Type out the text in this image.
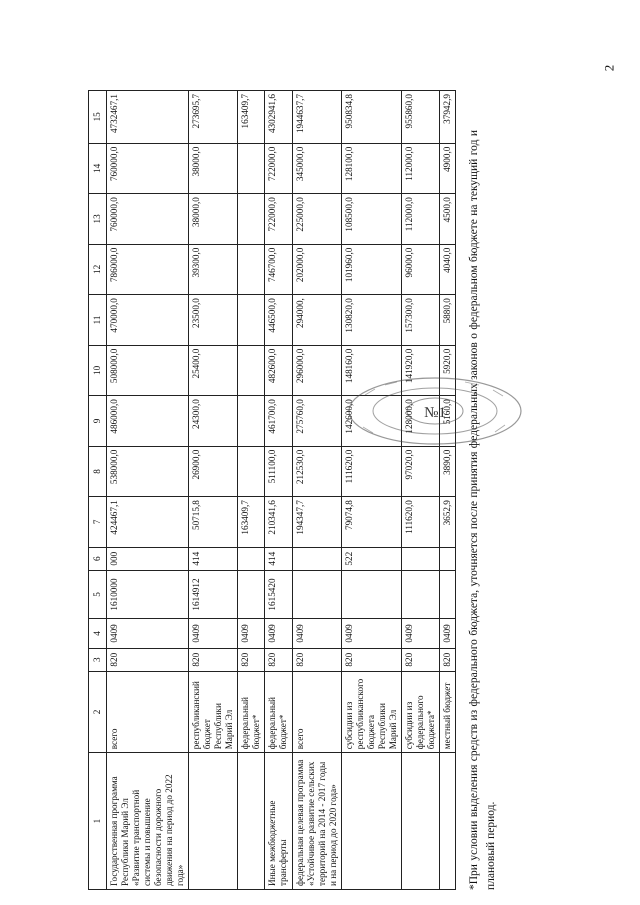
2
1	2	3	4	5	6	7	8	9	10	11	12	13	14	15
Государственная программа Республики Марий Эл «Развитие транспортной системы и повышение безопасности дорожного движения на период до 2022 года»	всего	820	0409	1610000	000	424467,1	538000,0	486000,0	508000,0	470000,0	786000,0	760000,0	760000,0	4732467,1
	республиканский бюджет Республики Марий Эл	820	0409	1614912	414	50715,8	26900,0	24300,0	25400,0	23500,0	39300,0	38000,0	38000,0	273695,7
	федеральный бюджет*	820	0409			163409,7								163409,7
Иные межбюджетные трансферты	федеральный бюджет*	820	0409	1615420	414	210341,6	511100,0	461700,0	482600,0	446500,0	746700,0	722000,0	722000,0	4302941,6
федеральная целевая программа «Устойчивое развитие сельских территорий на 2014 - 2017 годы и на период до 2020 года»	всего	820	0409			194347,7	212530,0	275760,0	296000,0	294000,	202000,0	225000,0	345000,0	1944637,7
	субсидии из республиканского бюджета Республики Марий Эл	820	0409		522	79074,8	111620,0	142600,0	148160,0	130820,0	101960,0	108500,0	128100,0	950834,8
	субсидии из федерального бюджета*	820	0409			111620,0	97020,0	128000,0	141920,0	157300,0	96000,0	112000,0	112000,0	955860,0
	местный бюджет	820	0409			3652,9	3890,0	5160,0	5920,0	5880,0	4040,0	4500,0	4900,0	37942,9
*При условии выделения средств из федерального бюджета, уточняется после принятия федеральных законов о федеральном бюджете на текущий год и плановый период.
№1
